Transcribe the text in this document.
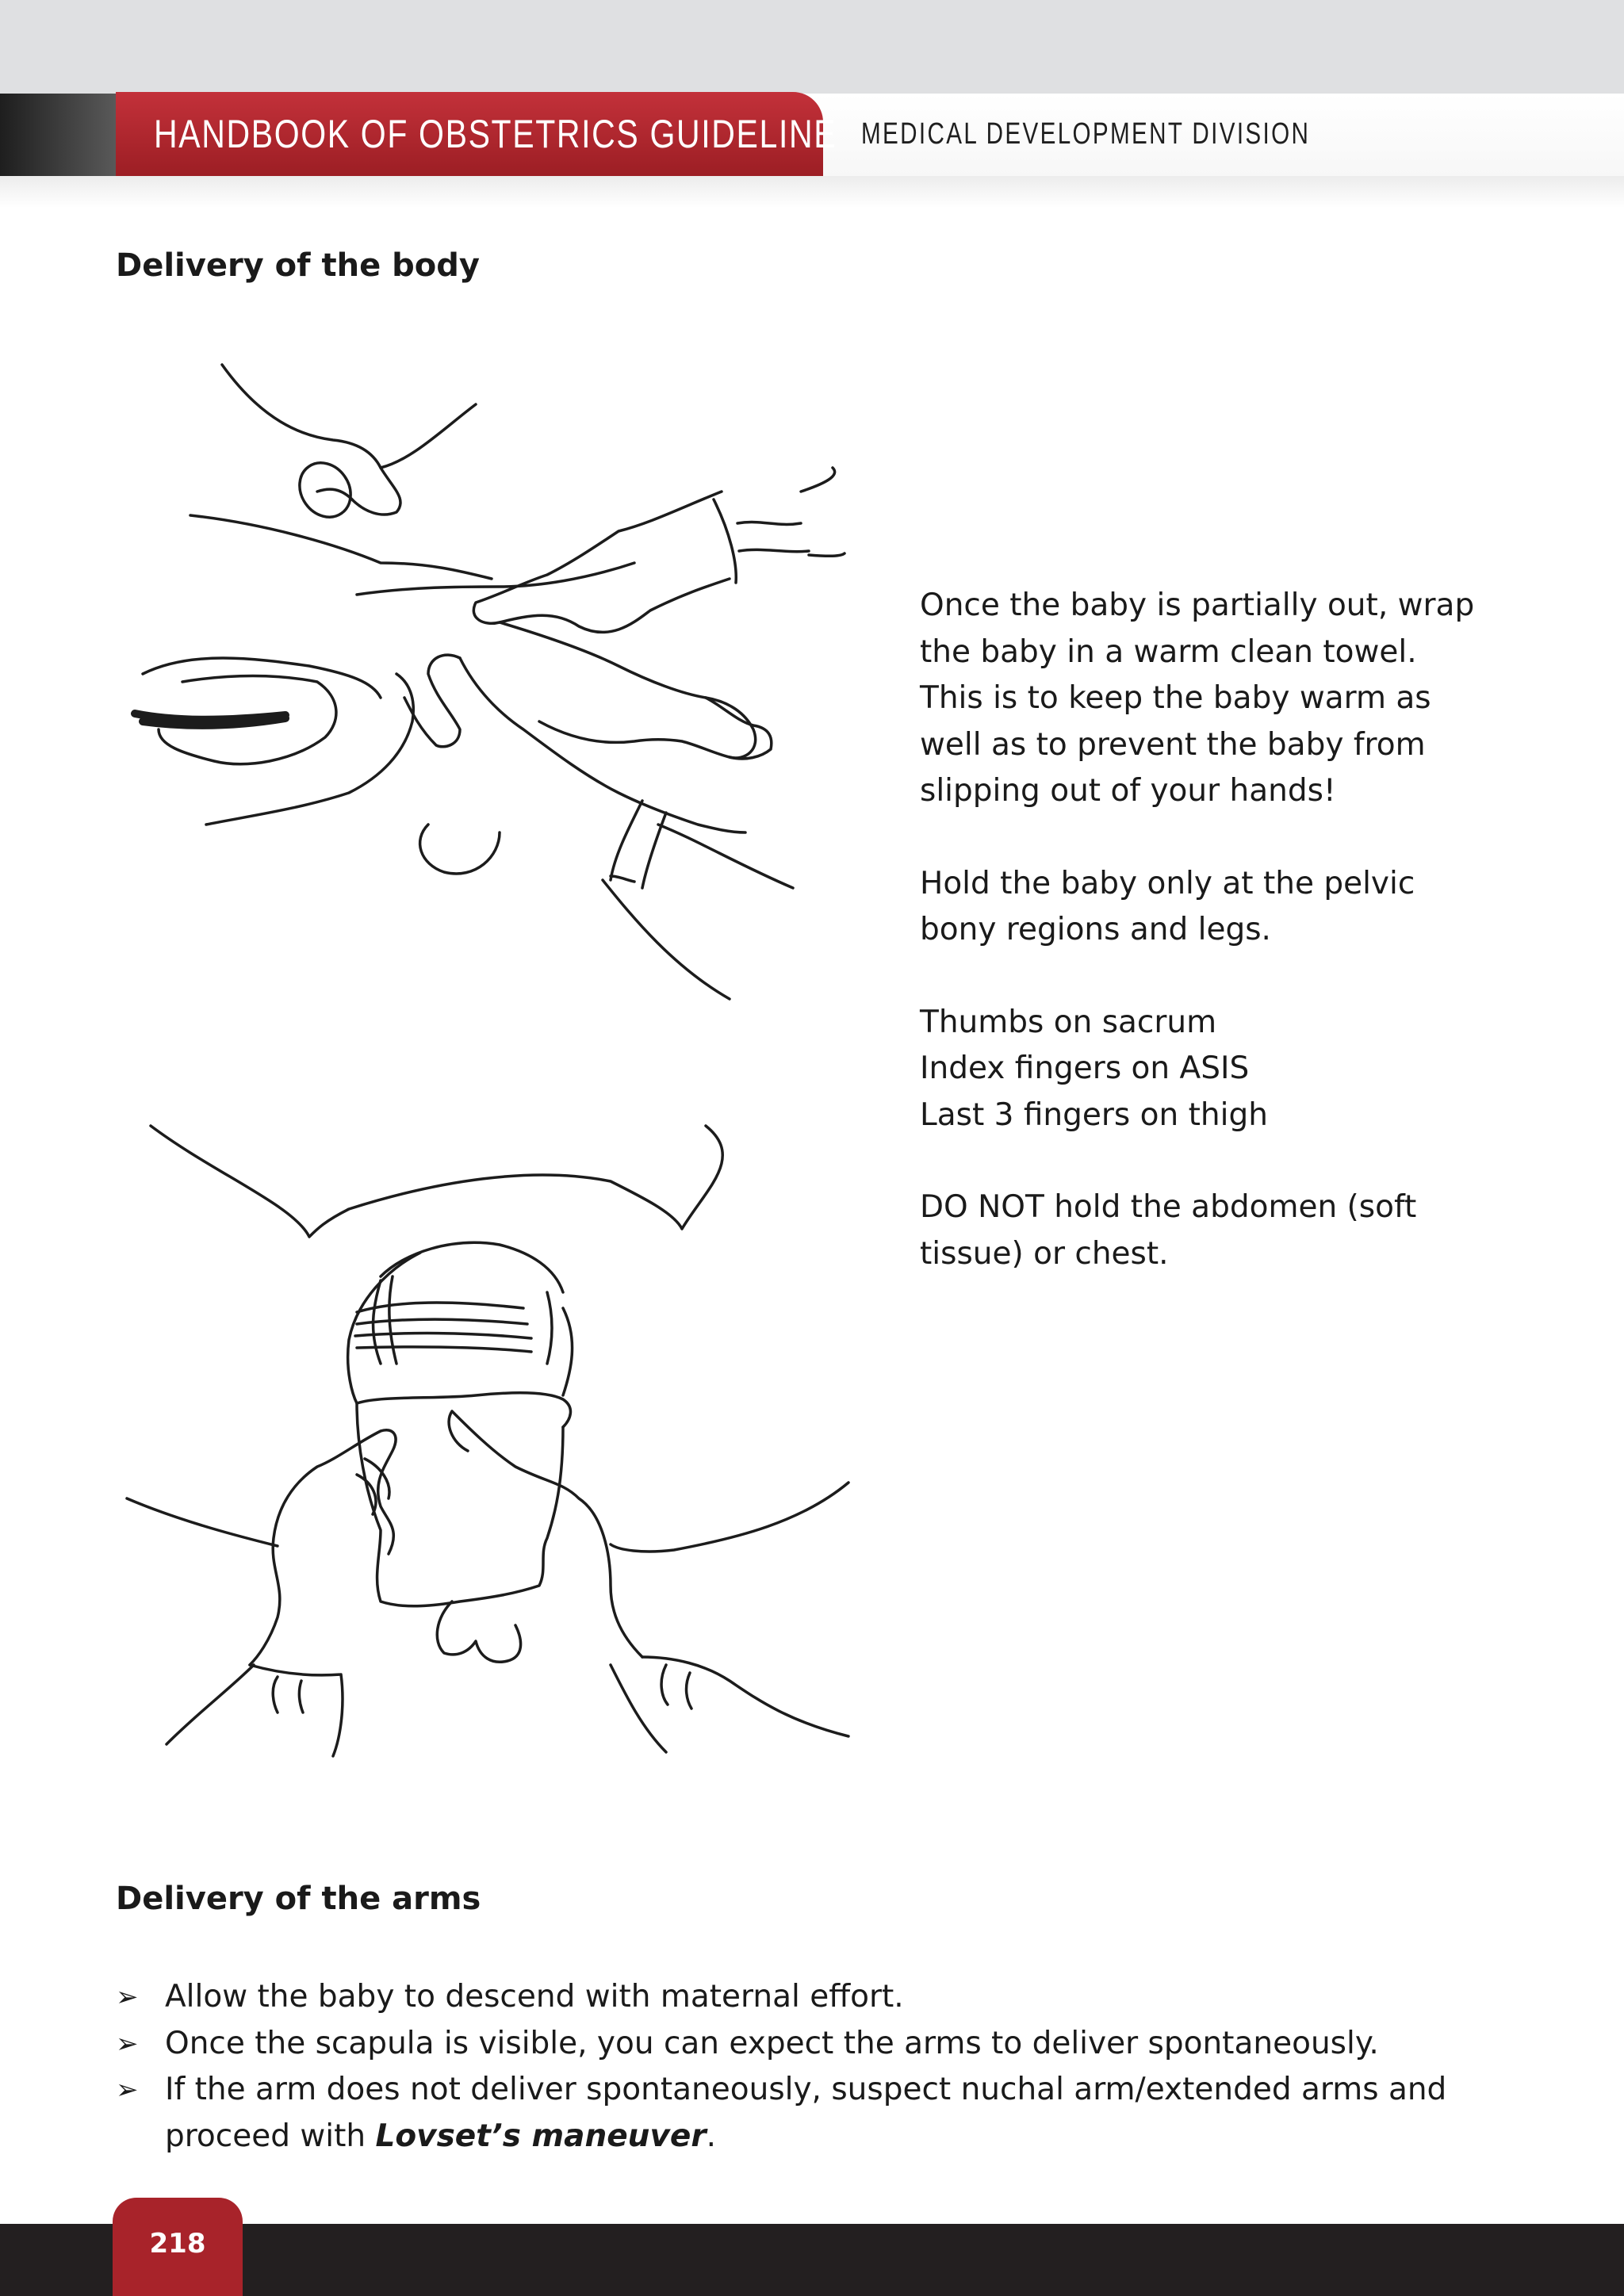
HANDBOOK OF OBSTETRICS GUIDELINE MEDICAL DEVELOPMENT DIVISION
Delivery of the body

Once the baby is partially out, wrap the baby in a warm clean towel. This is to keep the baby warm as well as to prevent the baby from slipping out of your hands!

Hold the baby only at the pelvic bony regions and legs.

Thumbs on sacrum
Index fingers on ASIS
Last 3 fingers on thigh

DO NOT hold the abdomen (soft tissue) or chest.

Delivery of the arms
➢ Allow the baby to descend with maternal effort.
➢ Once the scapula is visible, you can expect the arms to deliver spontaneously.
➢ If the arm does not deliver spontaneously, suspect nuchal arm/extended arms and proceed with Lovset’s maneuver.
218
